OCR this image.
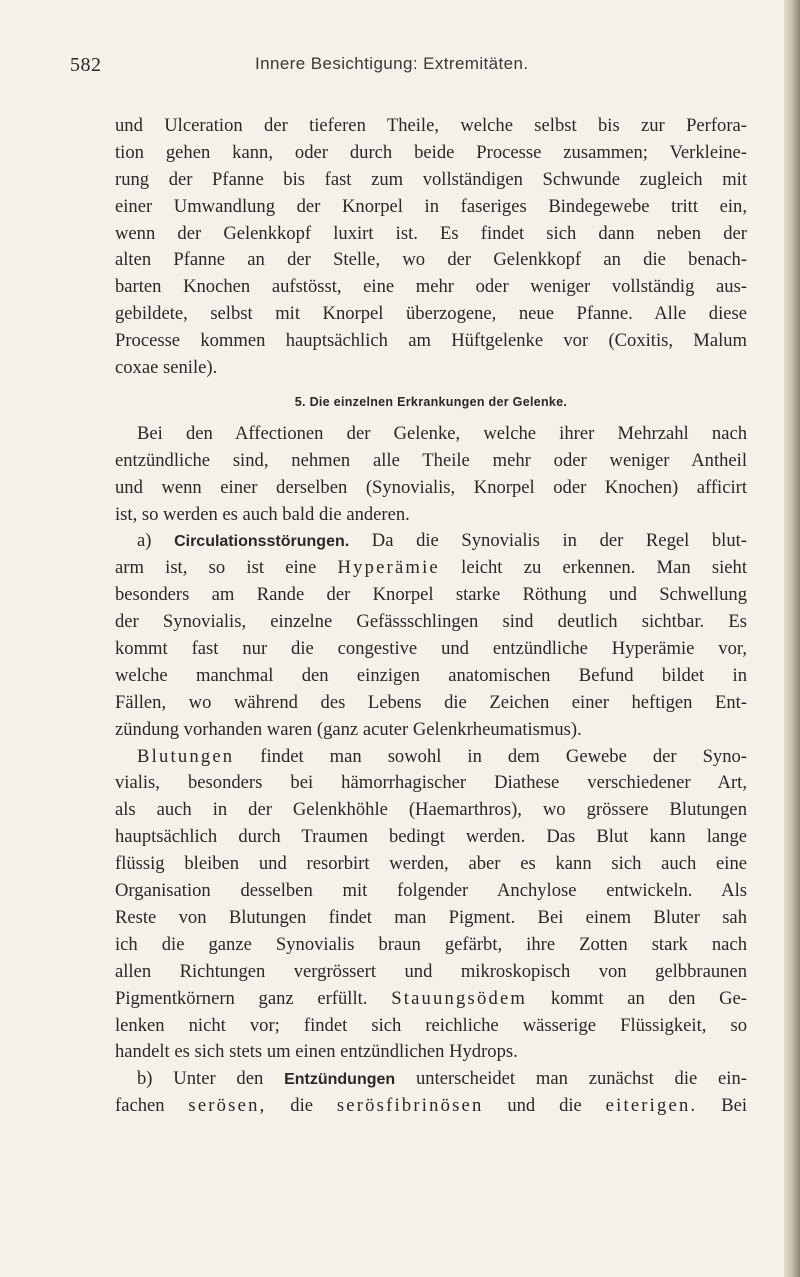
582	Innere Besichtigung: Extremitäten.
und Ulceration der tieferen Theile, welche selbst bis zur Perfora-
tion gehen kann, oder durch beide Processe zusammen; Verkleine-
rung der Pfanne bis fast zum vollständigen Schwunde zugleich mit
einer Umwandlung der Knorpel in faseriges Bindegewebe tritt ein,
wenn der Gelenkkopf luxirt ist. Es findet sich dann neben der
alten Pfanne an der Stelle, wo der Gelenkkopf an die benach-
barten Knochen aufstösst, eine mehr oder weniger vollständig aus-
gebildete, selbst mit Knorpel überzogene, neue Pfanne. Alle diese
Processe kommen hauptsächlich am Hüftgelenke vor (Coxitis, Malum
coxae senile).
5. Die einzelnen Erkrankungen der Gelenke.
Bei den Affectionen der Gelenke, welche ihrer Mehrzahl nach
entzündliche sind, nehmen alle Theile mehr oder weniger Antheil
und wenn einer derselben (Synovialis, Knorpel oder Knochen) afficirt
ist, so werden es auch bald die anderen.
a) Circulationsstörungen. Da die Synovialis in der Regel blut-
arm ist, so ist eine Hyperämie leicht zu erkennen. Man sieht
besonders am Rande der Knorpel starke Röthung und Schwellung
der Synovialis, einzelne Gefässschlingen sind deutlich sichtbar. Es
kommt fast nur die congestive und entzündliche Hyperämie vor,
welche manchmal den einzigen anatomischen Befund bildet in
Fällen, wo während des Lebens die Zeichen einer heftigen Ent-
zündung vorhanden waren (ganz acuter Gelenkrheumatismus).
Blutungen findet man sowohl in dem Gewebe der Syno-
vialis, besonders bei hämorrhagischer Diathese verschiedener Art,
als auch in der Gelenkhöhle (Haemarthros), wo grössere Blutungen
hauptsächlich durch Traumen bedingt werden. Das Blut kann lange
flüssig bleiben und resorbirt werden, aber es kann sich auch eine
Organisation desselben mit folgender Anchylose entwickeln. Als
Reste von Blutungen findet man Pigment. Bei einem Bluter sah
ich die ganze Synovialis braun gefärbt, ihre Zotten stark nach
allen Richtungen vergrössert und mikroskopisch von gelbbraunen
Pigmentkörnern ganz erfüllt. Stauungsödem kommt an den Ge-
lenken nicht vor; findet sich reichliche wässerige Flüssigkeit, so
handelt es sich stets um einen entzündlichen Hydrops.
b) Unter den Entzündungen unterscheidet man zunächst die ein-
fachen serösen, die serösfibrinösen und die eiterigen. Bei
